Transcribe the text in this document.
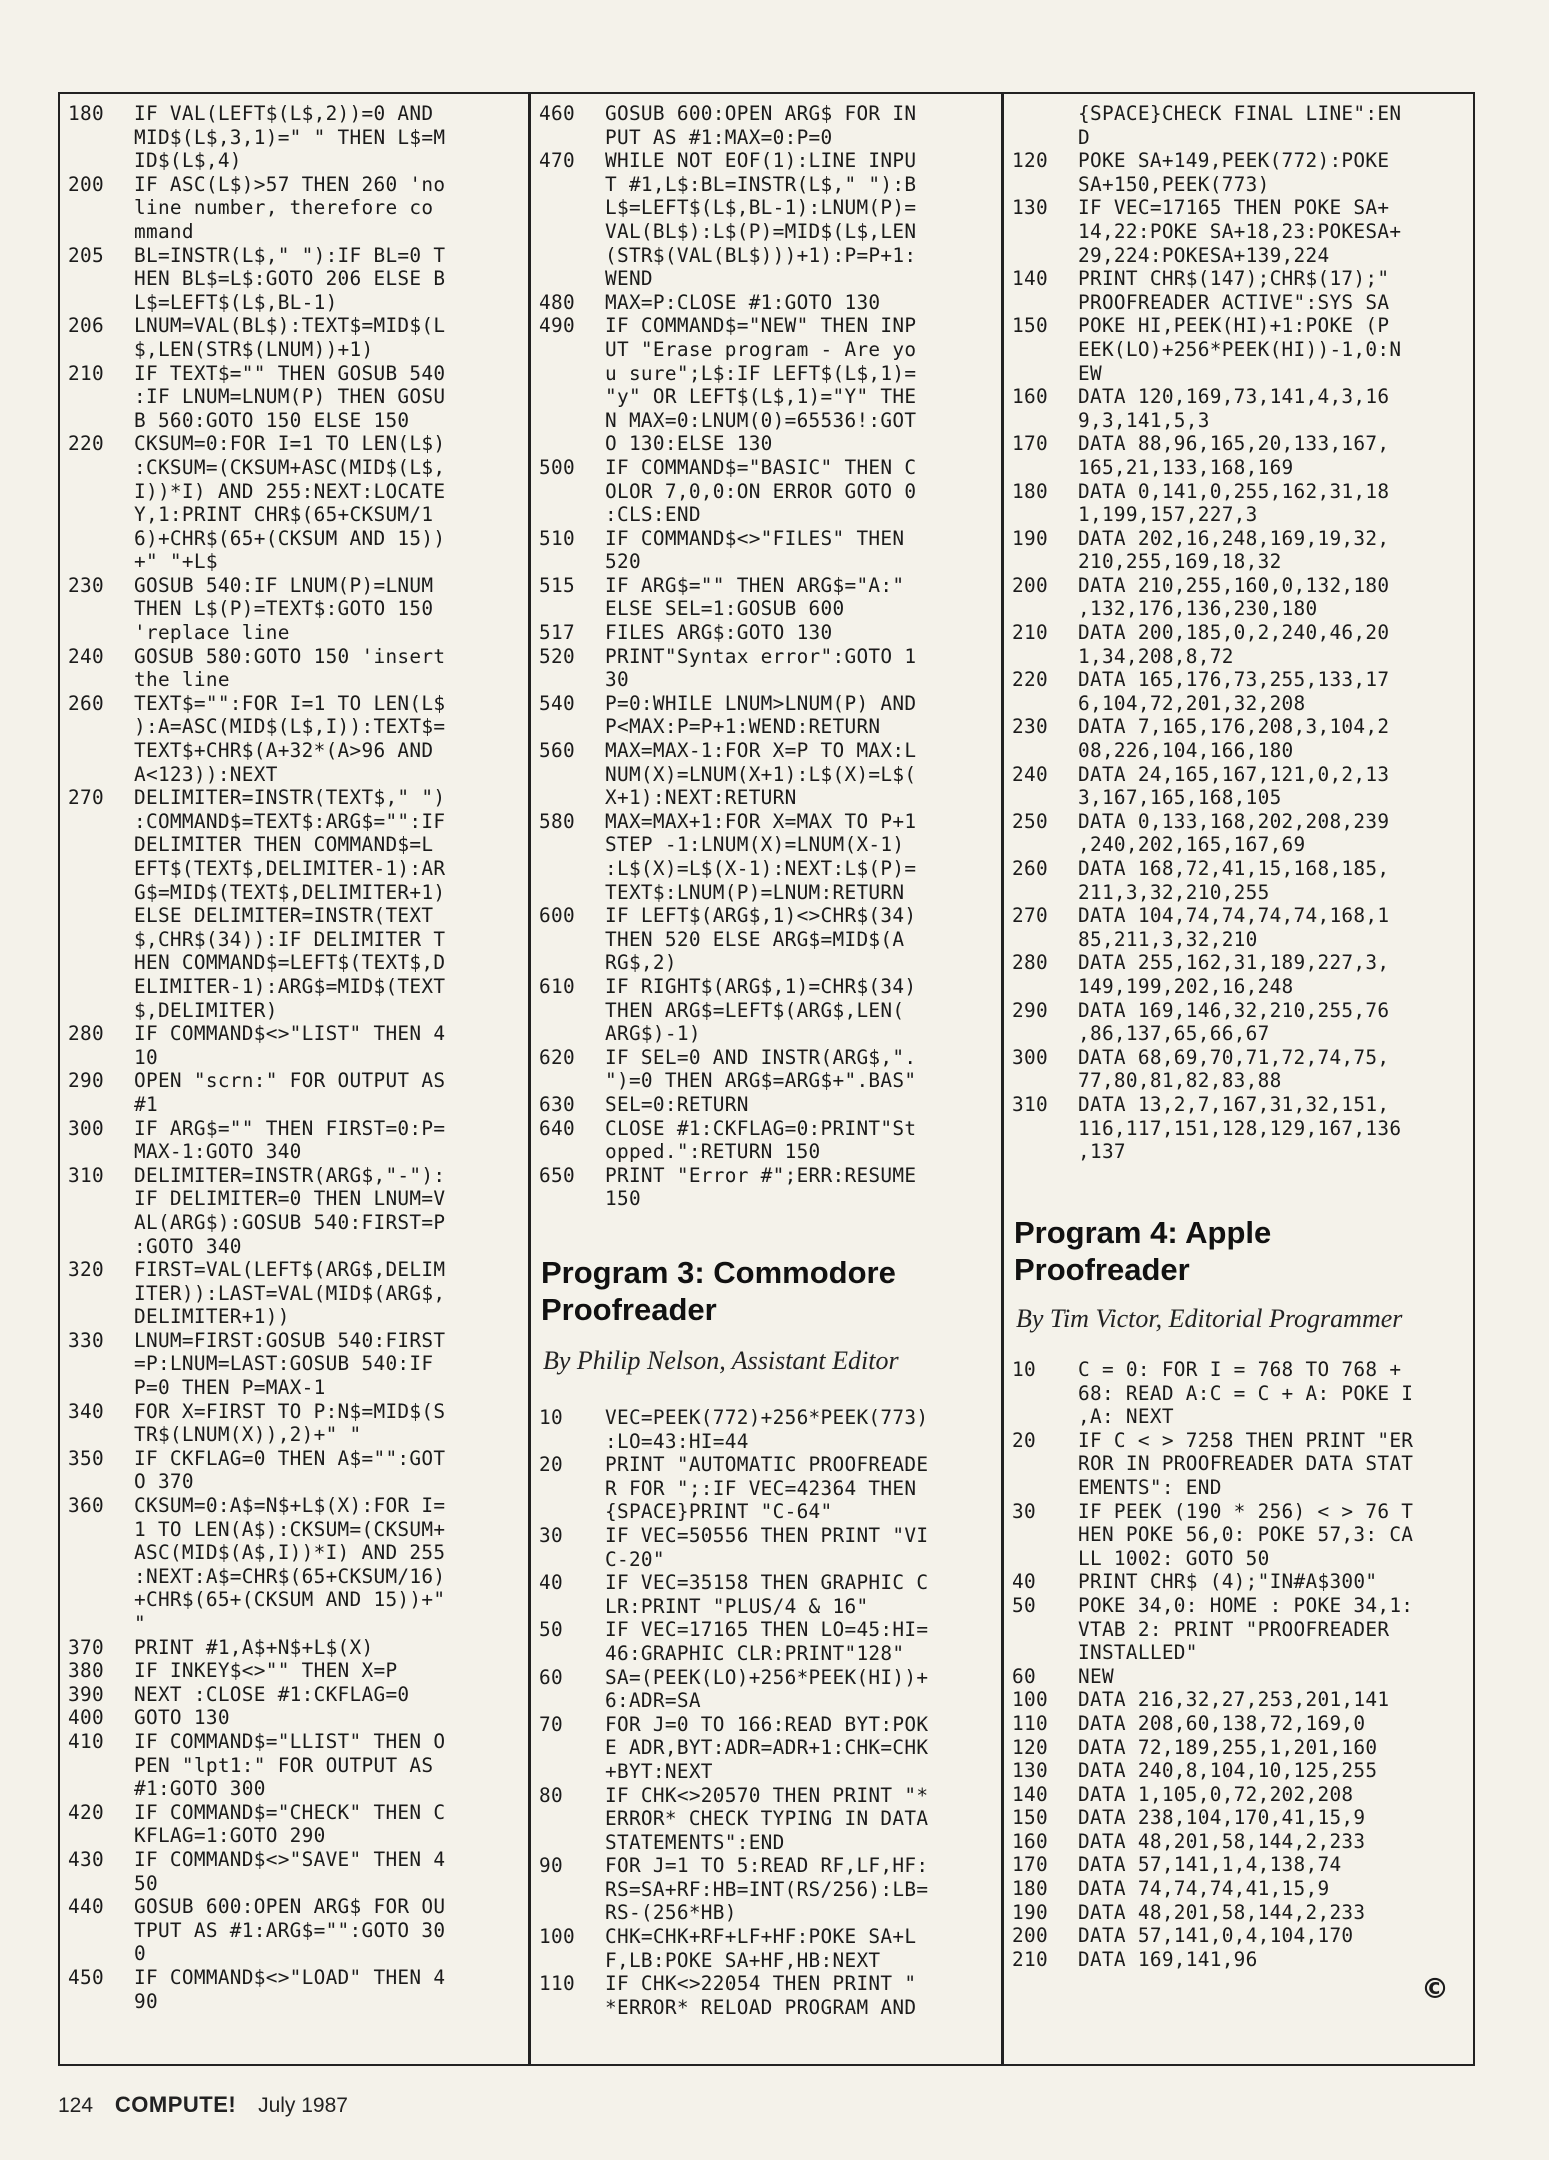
180	IF VAL(LEFT$(L$,2))=0 AND
MID$(L$,3,1)=" " THEN L$=M
ID$(L$,4)
200	IF ASC(L$)>57 THEN 260 'no
line number, therefore co
mmand
205	BL=INSTR(L$," "):IF BL=0 T
HEN BL$=L$:GOTO 206 ELSE B
L$=LEFT$(L$,BL-1)
206	LNUM=VAL(BL$):TEXT$=MID$(L
$,LEN(STR$(LNUM))+1)
210	IF TEXT$="" THEN GOSUB 540
:IF LNUM=LNUM(P) THEN GOSU
B 560:GOTO 150 ELSE 150
220	CKSUM=0:FOR I=1 TO LEN(L$)
:CKSUM=(CKSUM+ASC(MID$(L$,
I))*I) AND 255:NEXT:LOCATE
Y,1:PRINT CHR$(65+CKSUM/1
6)+CHR$(65+(CKSUM AND 15))
+" "+L$
230	GOSUB 540:IF LNUM(P)=LNUM
THEN L$(P)=TEXT$:GOTO 150
'replace line
240	GOSUB 580:GOTO 150 'insert
the line
260	TEXT$="":FOR I=1 TO LEN(L$
):A=ASC(MID$(L$,I)):TEXT$=
TEXT$+CHR$(A+32*(A>96 AND
A<123)):NEXT
270	DELIMITER=INSTR(TEXT$," ")
:COMMAND$=TEXT$:ARG$="":IF
DELIMITER THEN COMMAND$=L
EFT$(TEXT$,DELIMITER-1):AR
G$=MID$(TEXT$,DELIMITER+1)
ELSE DELIMITER=INSTR(TEXT
$,CHR$(34)):IF DELIMITER T
HEN COMMAND$=LEFT$(TEXT$,D
ELIMITER-1):ARG$=MID$(TEXT
$,DELIMITER)
280	IF COMMAND$<>"LIST" THEN 4
10
290	OPEN "scrn:" FOR OUTPUT AS
#1
300	IF ARG$="" THEN FIRST=0:P=
MAX-1:GOTO 340
310	DELIMITER=INSTR(ARG$,"-"):
IF DELIMITER=0 THEN LNUM=V
AL(ARG$):GOSUB 540:FIRST=P
:GOTO 340
320	FIRST=VAL(LEFT$(ARG$,DELIM
ITER)):LAST=VAL(MID$(ARG$,
DELIMITER+1))
330	LNUM=FIRST:GOSUB 540:FIRST
=P:LNUM=LAST:GOSUB 540:IF
P=0 THEN P=MAX-1
340	FOR X=FIRST TO P:N$=MID$(S
TR$(LNUM(X)),2)+" "
350	IF CKFLAG=0 THEN A$="":GOT
O 370
360	CKSUM=0:A$=N$+L$(X):FOR I=
1 TO LEN(A$):CKSUM=(CKSUM+
ASC(MID$(A$,I))*I) AND 255
:NEXT:A$=CHR$(65+CKSUM/16)
+CHR$(65+(CKSUM AND 15))+"
"
370	PRINT #1,A$+N$+L$(X)
380	IF INKEY$<>"" THEN X=P
390	NEXT :CLOSE #1:CKFLAG=0
400	GOTO 130
410	IF COMMAND$="LLIST" THEN O
PEN "lpt1:" FOR OUTPUT AS
#1:GOTO 300
420	IF COMMAND$="CHECK" THEN C
KFLAG=1:GOTO 290
430	IF COMMAND$<>"SAVE" THEN 4
50
440	GOSUB 600:OPEN ARG$ FOR OU
TPUT AS #1:ARG$="":GOTO 30
0
450	IF COMMAND$<>"LOAD" THEN 4
90
460	GOSUB 600:OPEN ARG$ FOR IN
PUT AS #1:MAX=0:P=0
470	WHILE NOT EOF(1):LINE INPU
T #1,L$:BL=INSTR(L$," "):B
L$=LEFT$(L$,BL-1):LNUM(P)=
VAL(BL$):L$(P)=MID$(L$,LEN
(STR$(VAL(BL$)))+1):P=P+1:
WEND
480	MAX=P:CLOSE #1:GOTO 130
490	IF COMMAND$="NEW" THEN INP
UT "Erase program - Are yo
u sure";L$:IF LEFT$(L$,1)=
"y" OR LEFT$(L$,1)="Y" THE
N MAX=0:LNUM(0)=65536!:GOT
O 130:ELSE 130
500	IF COMMAND$="BASIC" THEN C
OLOR 7,0,0:ON ERROR GOTO 0
:CLS:END
510	IF COMMAND$<>"FILES" THEN
520
515	IF ARG$="" THEN ARG$="A:"
ELSE SEL=1:GOSUB 600
517	FILES ARG$:GOTO 130
520	PRINT"Syntax error":GOTO 1
30
540	P=0:WHILE LNUM>LNUM(P) AND
P<MAX:P=P+1:WEND:RETURN
560	MAX=MAX-1:FOR X=P TO MAX:L
NUM(X)=LNUM(X+1):L$(X)=L$(
X+1):NEXT:RETURN
580	MAX=MAX+1:FOR X=MAX TO P+1
STEP -1:LNUM(X)=LNUM(X-1)
:L$(X)=L$(X-1):NEXT:L$(P)=
TEXT$:LNUM(P)=LNUM:RETURN
600	IF LEFT$(ARG$,1)<>CHR$(34)
THEN 520 ELSE ARG$=MID$(A
RG$,2)
610	IF RIGHT$(ARG$,1)=CHR$(34)
THEN ARG$=LEFT$(ARG$,LEN(
ARG$)-1)
620	IF SEL=0 AND INSTR(ARG$,".
")=0 THEN ARG$=ARG$+".BAS"
630	SEL=0:RETURN
640	CLOSE #1:CKFLAG=0:PRINT"St
opped.":RETURN 150
650	PRINT "Error #";ERR:RESUME
150
Program 3: Commodore
Proofreader
By Philip Nelson, Assistant Editor
10	VEC=PEEK(772)+256*PEEK(773)
:LO=43:HI=44
20	PRINT "AUTOMATIC PROOFREADE
R FOR ";:IF VEC=42364 THEN
{SPACE}PRINT "C-64"
30	IF VEC=50556 THEN PRINT "VI
C-20"
40	IF VEC=35158 THEN GRAPHIC C
LR:PRINT "PLUS/4 & 16"
50	IF VEC=17165 THEN LO=45:HI=
46:GRAPHIC CLR:PRINT"128"
60	SA=(PEEK(LO)+256*PEEK(HI))+
6:ADR=SA
70	FOR J=0 TO 166:READ BYT:POK
E ADR,BYT:ADR=ADR+1:CHK=CHK
+BYT:NEXT
80	IF CHK<>20570 THEN PRINT "*
ERROR* CHECK TYPING IN DATA
STATEMENTS":END
90	FOR J=1 TO 5:READ RF,LF,HF:
RS=SA+RF:HB=INT(RS/256):LB=
RS-(256*HB)
100	CHK=CHK+RF+LF+HF:POKE SA+L
F,LB:POKE SA+HF,HB:NEXT
110	IF CHK<>22054 THEN PRINT "
*ERROR* RELOAD PROGRAM AND
{SPACE}CHECK FINAL LINE":EN
D
120	POKE SA+149,PEEK(772):POKE
SA+150,PEEK(773)
130	IF VEC=17165 THEN POKE SA+
14,22:POKE SA+18,23:POKESA+
29,224:POKESA+139,224
140	PRINT CHR$(147);CHR$(17);"
PROOFREADER ACTIVE":SYS SA
150	POKE HI,PEEK(HI)+1:POKE (P
EEK(LO)+256*PEEK(HI))-1,0:N
EW
160	DATA 120,169,73,141,4,3,16
9,3,141,5,3
170	DATA 88,96,165,20,133,167,
165,21,133,168,169
180	DATA 0,141,0,255,162,31,18
1,199,157,227,3
190	DATA 202,16,248,169,19,32,
210,255,169,18,32
200	DATA 210,255,160,0,132,180
,132,176,136,230,180
210	DATA 200,185,0,2,240,46,20
1,34,208,8,72
220	DATA 165,176,73,255,133,17
6,104,72,201,32,208
230	DATA 7,165,176,208,3,104,2
08,226,104,166,180
240	DATA 24,165,167,121,0,2,13
3,167,165,168,105
250	DATA 0,133,168,202,208,239
,240,202,165,167,69
260	DATA 168,72,41,15,168,185,
211,3,32,210,255
270	DATA 104,74,74,74,74,168,1
85,211,3,32,210
280	DATA 255,162,31,189,227,3,
149,199,202,16,248
290	DATA 169,146,32,210,255,76
,86,137,65,66,67
300	DATA 68,69,70,71,72,74,75,
77,80,81,82,83,88
310	DATA 13,2,7,167,31,32,151,
116,117,151,128,129,167,136
,137
Program 4: Apple
Proofreader
By Tim Victor, Editorial Programmer
10	C = 0: FOR I = 768 TO 768 +
68: READ A:C = C + A: POKE I
,A: NEXT
20	IF C < > 7258 THEN PRINT "ER
ROR IN PROOFREADER DATA STAT
EMENTS": END
30	IF PEEK (190 * 256) < > 76 T
HEN POKE 56,0: POKE 57,3: CA
LL 1002: GOTO 50
40	PRINT CHR$ (4);"IN#A$300"
50	POKE 34,0: HOME : POKE 34,1:
VTAB 2: PRINT "PROOFREADER
INSTALLED"
60	NEW
100	DATA 216,32,27,253,201,141
110	DATA 208,60,138,72,169,0
120	DATA 72,189,255,1,201,160
130	DATA 240,8,104,10,125,255
140	DATA 1,105,0,72,202,208
150	DATA 238,104,170,41,15,9
160	DATA 48,201,58,144,2,233
170	DATA 57,141,1,4,138,74
180	DATA 74,74,74,41,15,9
190	DATA 48,201,58,144,2,233
200	DATA 57,141,0,4,104,170
210	DATA 169,141,96
©
124 COMPUTE! July 1987
